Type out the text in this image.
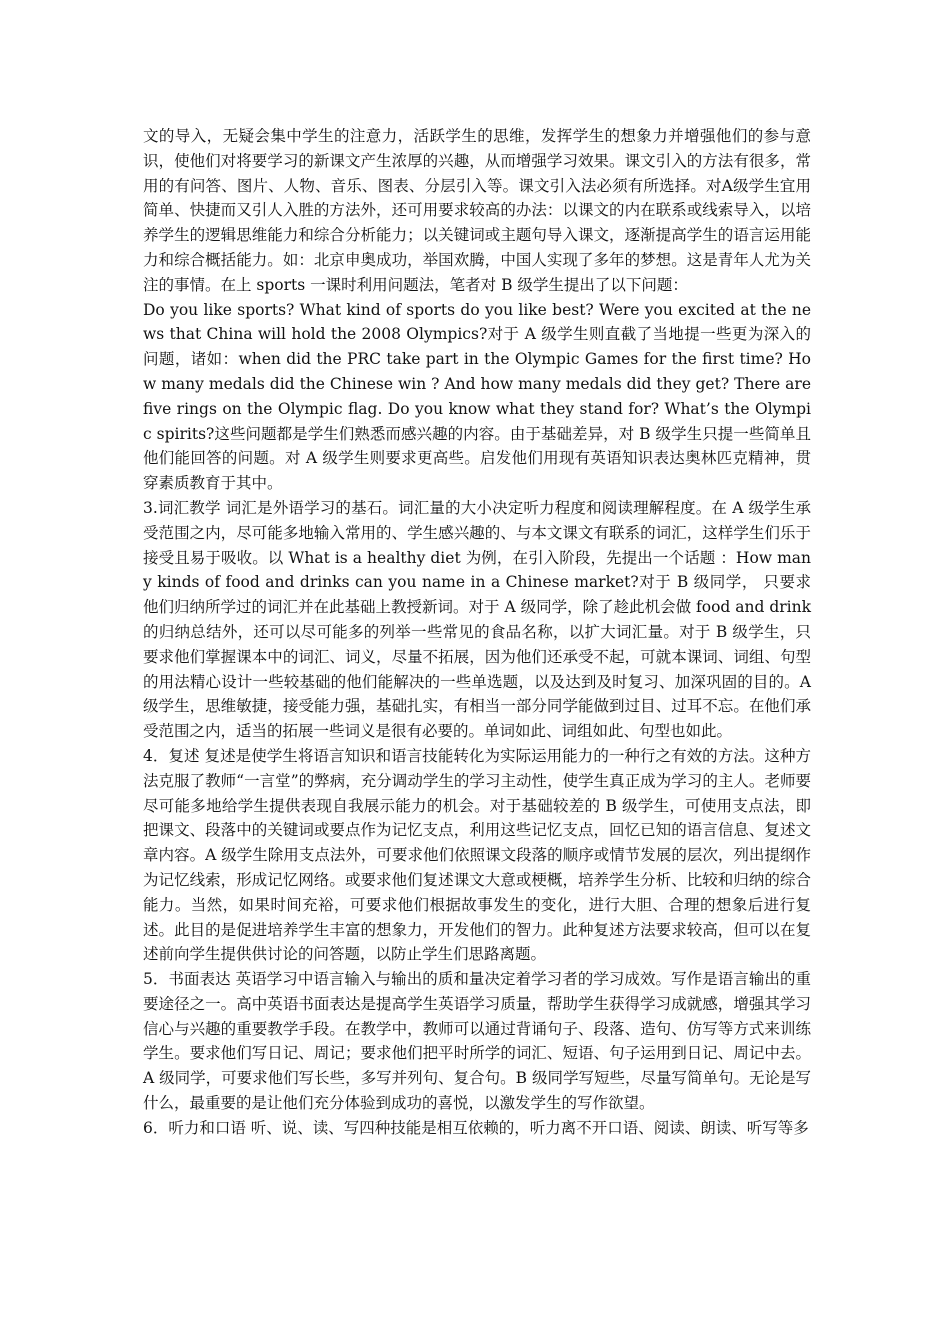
文的导入，无疑会集中学生的注意力，活跃学生的思维，发挥学生的想象力并增强他们的参与意识，使他们对将要学习的新课文产生浓厚的兴趣，从而增强学习效果。课文引入的方法有很多，常用的有问答、图片、人物、音乐、图表、分层引入等。课文引入法必须有所选择。对A级学生宜用简单、快捷而又引人入胜的方法外，还可用要求较高的办法：以课文的内在联系或线索导入，以培养学生的逻辑思维能力和综合分析能力；以关键词或主题句导入课文，逐渐提高学生的语言运用能力和综合概括能力。如：北京申奥成功，举国欢腾，中国人实现了多年的梦想。这是青年人尤为关注的事情。在上 sports 一课时利用问题法，笔者对 B 级学生提出了以下问题：

Do you like sports? What kind of sports do you like best? Were you excited at the news that China will hold the 2008 Olympics?对于 A 级学生则直截了当地提一些更为深入的问题，诸如：when did the PRC take part in the Olympic Games for the first time? How many medals did the Chinese win ? And how many medals did they get? There are five rings on the Olympic flag. Do you know what they stand for? What’s the Olympic spirits?这些问题都是学生们熟悉而感兴趣的内容。由于基础差异，对 B 级学生只提一些简单且他们能回答的问题。对 A 级学生则要求更高些。启发他们用现有英语知识表达奥林匹克精神，贯穿素质教育于其中。

3.词汇教学 词汇是外语学习的基石。词汇量的大小决定听力程度和阅读理解程度。在 A 级学生承受范围之内，尽可能多地输入常用的、学生感兴趣的、与本文课文有联系的词汇，这样学生们乐于接受且易于吸收。以 What is a healthy diet 为例，在引入阶段，先提出一个话题 ：How many kinds of food and drinks can you name in a Chinese market?对于 B 级同学， 只要求他们归纳所学过的词汇并在此基础上教授新词。对于 A 级同学，除了趁此机会做 food and drink 的归纳总结外，还可以尽可能多的列举一些常见的食品名称，以扩大词汇量。对于 B 级学生，只要求他们掌握课本中的词汇、词义，尽量不拓展，因为他们还承受不起，可就本课词、词组、句型的用法精心设计一些较基础的他们能解决的一些单选题，以及达到及时复习、加深巩固的目的。A 级学生，思维敏捷，接受能力强，基础扎实，有相当一部分同学能做到过目、过耳不忘。在他们承受范围之内，适当的拓展一些词义是很有必要的。单词如此、词组如此、句型也如此。

4．复述 复述是使学生将语言知识和语言技能转化为实际运用能力的一种行之有效的方法。这种方法克服了教师“一言堂”的弊病，充分调动学生的学习主动性，使学生真正成为学习的主人。老师要尽可能多地给学生提供表现自我展示能力的机会。对于基础较差的 B 级学生，可使用支点法，即把课文、段落中的关键词或要点作为记忆支点，利用这些记忆支点，回忆已知的语言信息、复述文章内容。A 级学生除用支点法外，可要求他们依照课文段落的顺序或情节发展的层次，列出提纲作为记忆线索，形成记忆网络。或要求他们复述课文大意或梗概，培养学生分析、比较和归纳的综合能力。当然，如果时间充裕，可要求他们根据故事发生的变化，进行大胆、合理的想象后进行复述。此目的是促进培养学生丰富的想象力，开发他们的智力。此种复述方法要求较高，但可以在复述前向学生提供供讨论的问答题，以防止学生们思路离题。

5．书面表达 英语学习中语言输入与输出的质和量决定着学习者的学习成效。写作是语言输出的重要途径之一。高中英语书面表达是提高学生英语学习质量，帮助学生获得学习成就感，增强其学习信心与兴趣的重要教学手段。在教学中，教师可以通过背诵句子、段落、造句、仿写等方式来训练学生。要求他们写日记、周记；要求他们把平时所学的词汇、短语、句子运用到日记、周记中去。A 级同学，可要求他们写长些，多写并列句、复合句。B 级同学写短些，尽量写简单句。无论是写什么，最重要的是让他们充分体验到成功的喜悦，以激发学生的写作欲望。

6．听力和口语 听、说、读、写四种技能是相互依赖的，听力离不开口语、阅读、朗读、听写等多
